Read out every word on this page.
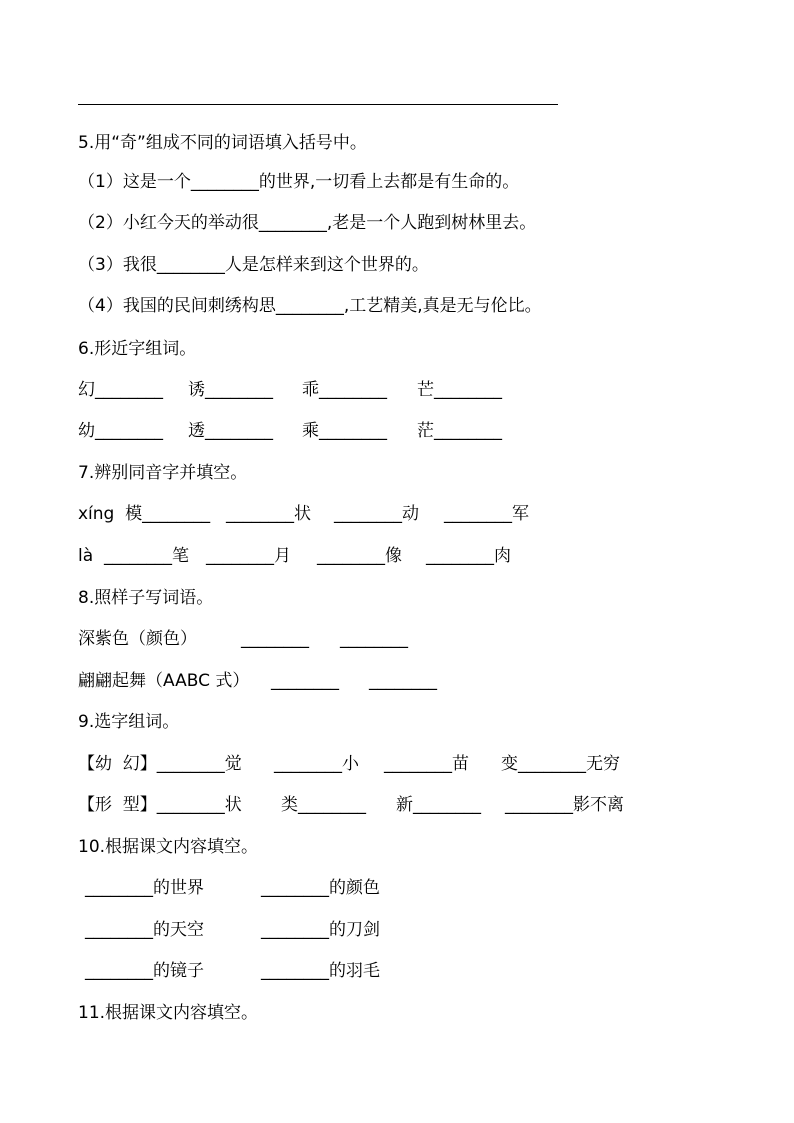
5.用“奇”组成不同的词语填入括号中。
（1）这是一个________的世界,一切看上去都是有生命的。
（2）小红今天的举动很________,老是一个人跑到树林里去。
（3）我很________人是怎样来到这个世界的。
（4）我国的民间刺绣构思________,工艺精美,真是无与伦比。
6.形近字组词。
幻________ 诱________ 乖________ 芒________
幼________ 透________ 乘________ 茫________
7.辨别同音字并填空。
xíng  模________ ________状 ________动 ________军
là  ________笔 ________月 ________像 ________肉
8.照样子写词语。
深紫色（颜色）	________ ________
翩翩起舞（AABC 式） ________ ________
9.选字组词。
【幼  幻】________觉 ________小 ________苗 变________无穷
【形  型】________状 类________ 新________ ________影不离
10.根据课文内容填空。
________的世界	________的颜色
________的天空	________的刀剑
________的镜子	________的羽毛
11.根据课文内容填空。
